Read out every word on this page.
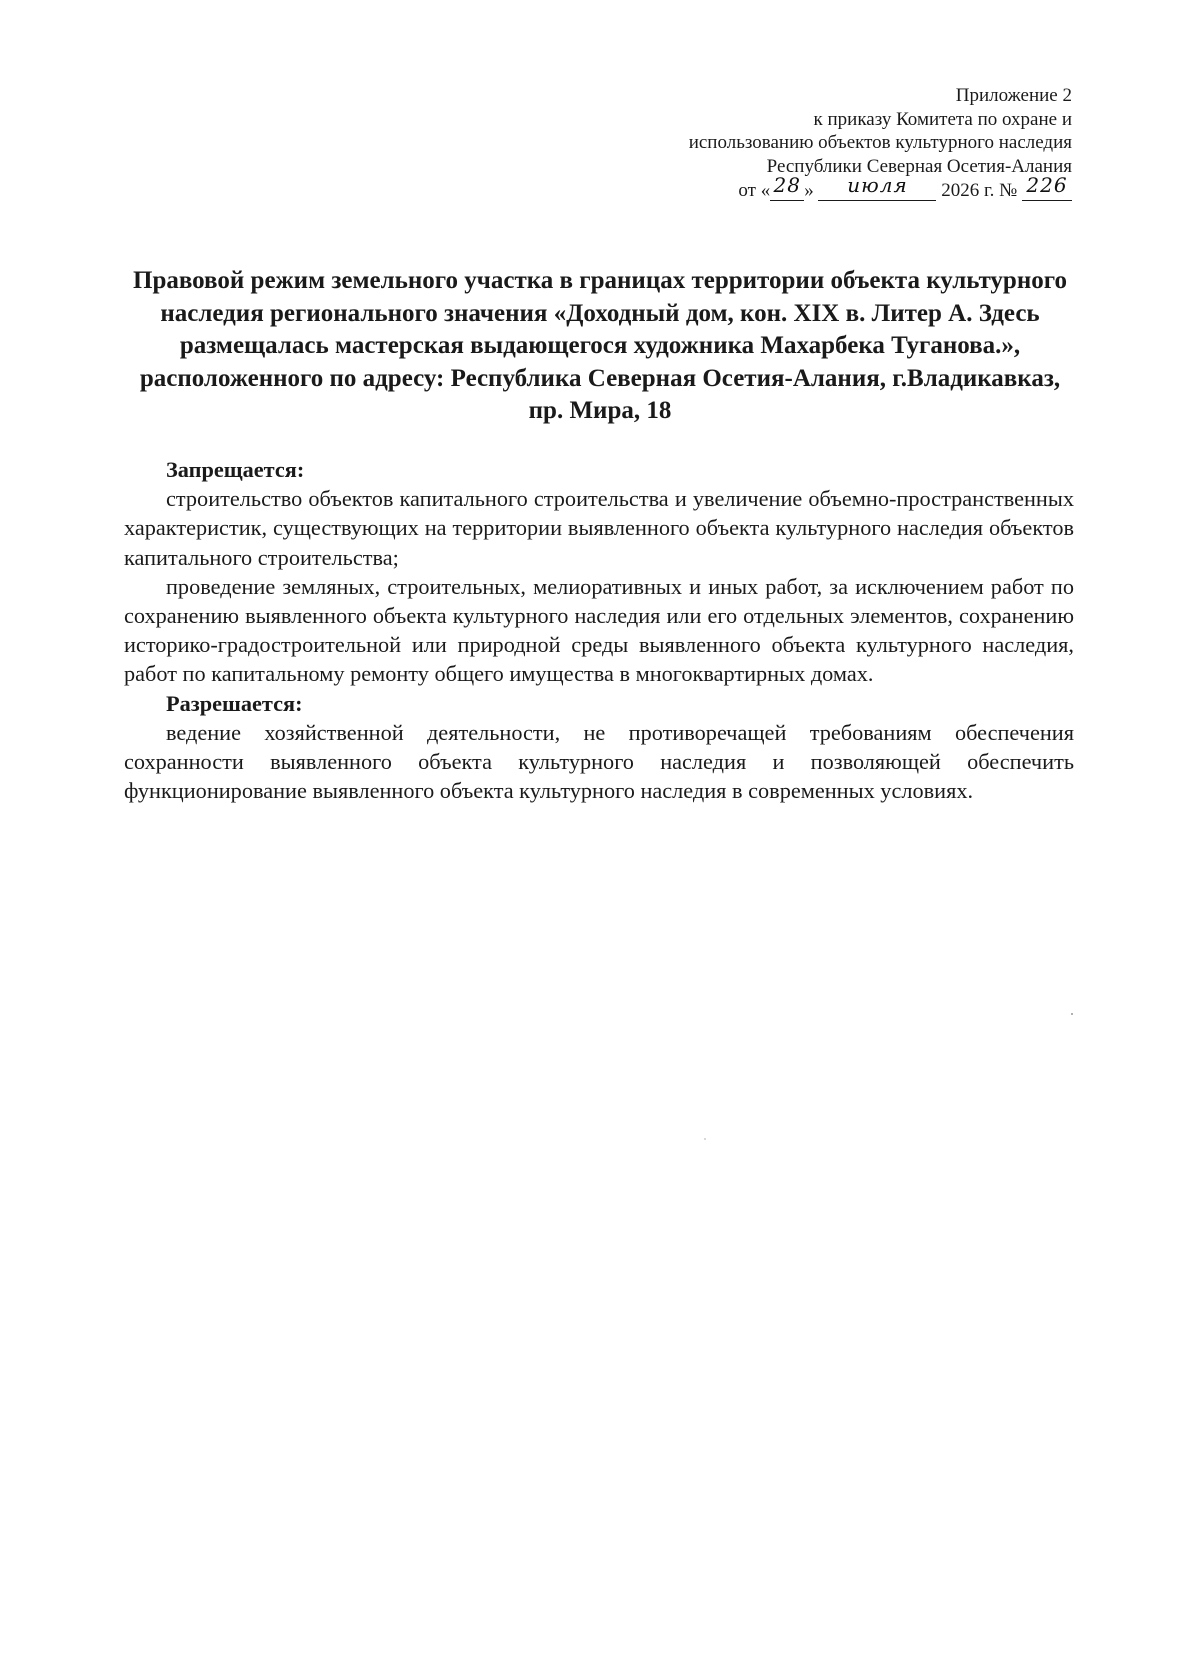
Приложение 2
к приказу Комитета по охране и
использованию объектов культурного наследия
Республики Северная Осетия-Алания
от « 28 » июля 2026 г. № 226
Правовой режим земельного участка в границах территории объекта культурного наследия регионального значения «Доходный дом, кон. XIX в. Литер А. Здесь размещалась мастерская выдающегося художника Махарбека Туганова.», расположенного по адресу: Республика Северная Осетия-Алания, г.Владикавказ, пр. Мира, 18
Запрещается:

строительство объектов капитального строительства и увеличение объемно-пространственных характеристик, существующих на территории выявленного объекта культурного наследия объектов капитального строительства;

проведение земляных, строительных, мелиоративных и иных работ, за исключением работ по сохранению выявленного объекта культурного наследия или его отдельных элементов, сохранению историко-градостроительной или природной среды выявленного объекта культурного наследия, работ по капитальному ремонту общего имущества в многоквартирных домах.

Разрешается:

ведение хозяйственной деятельности, не противоречащей требованиям обеспечения сохранности выявленного объекта культурного наследия и позволяющей обеспечить функционирование выявленного объекта культурного наследия в современных условиях.
